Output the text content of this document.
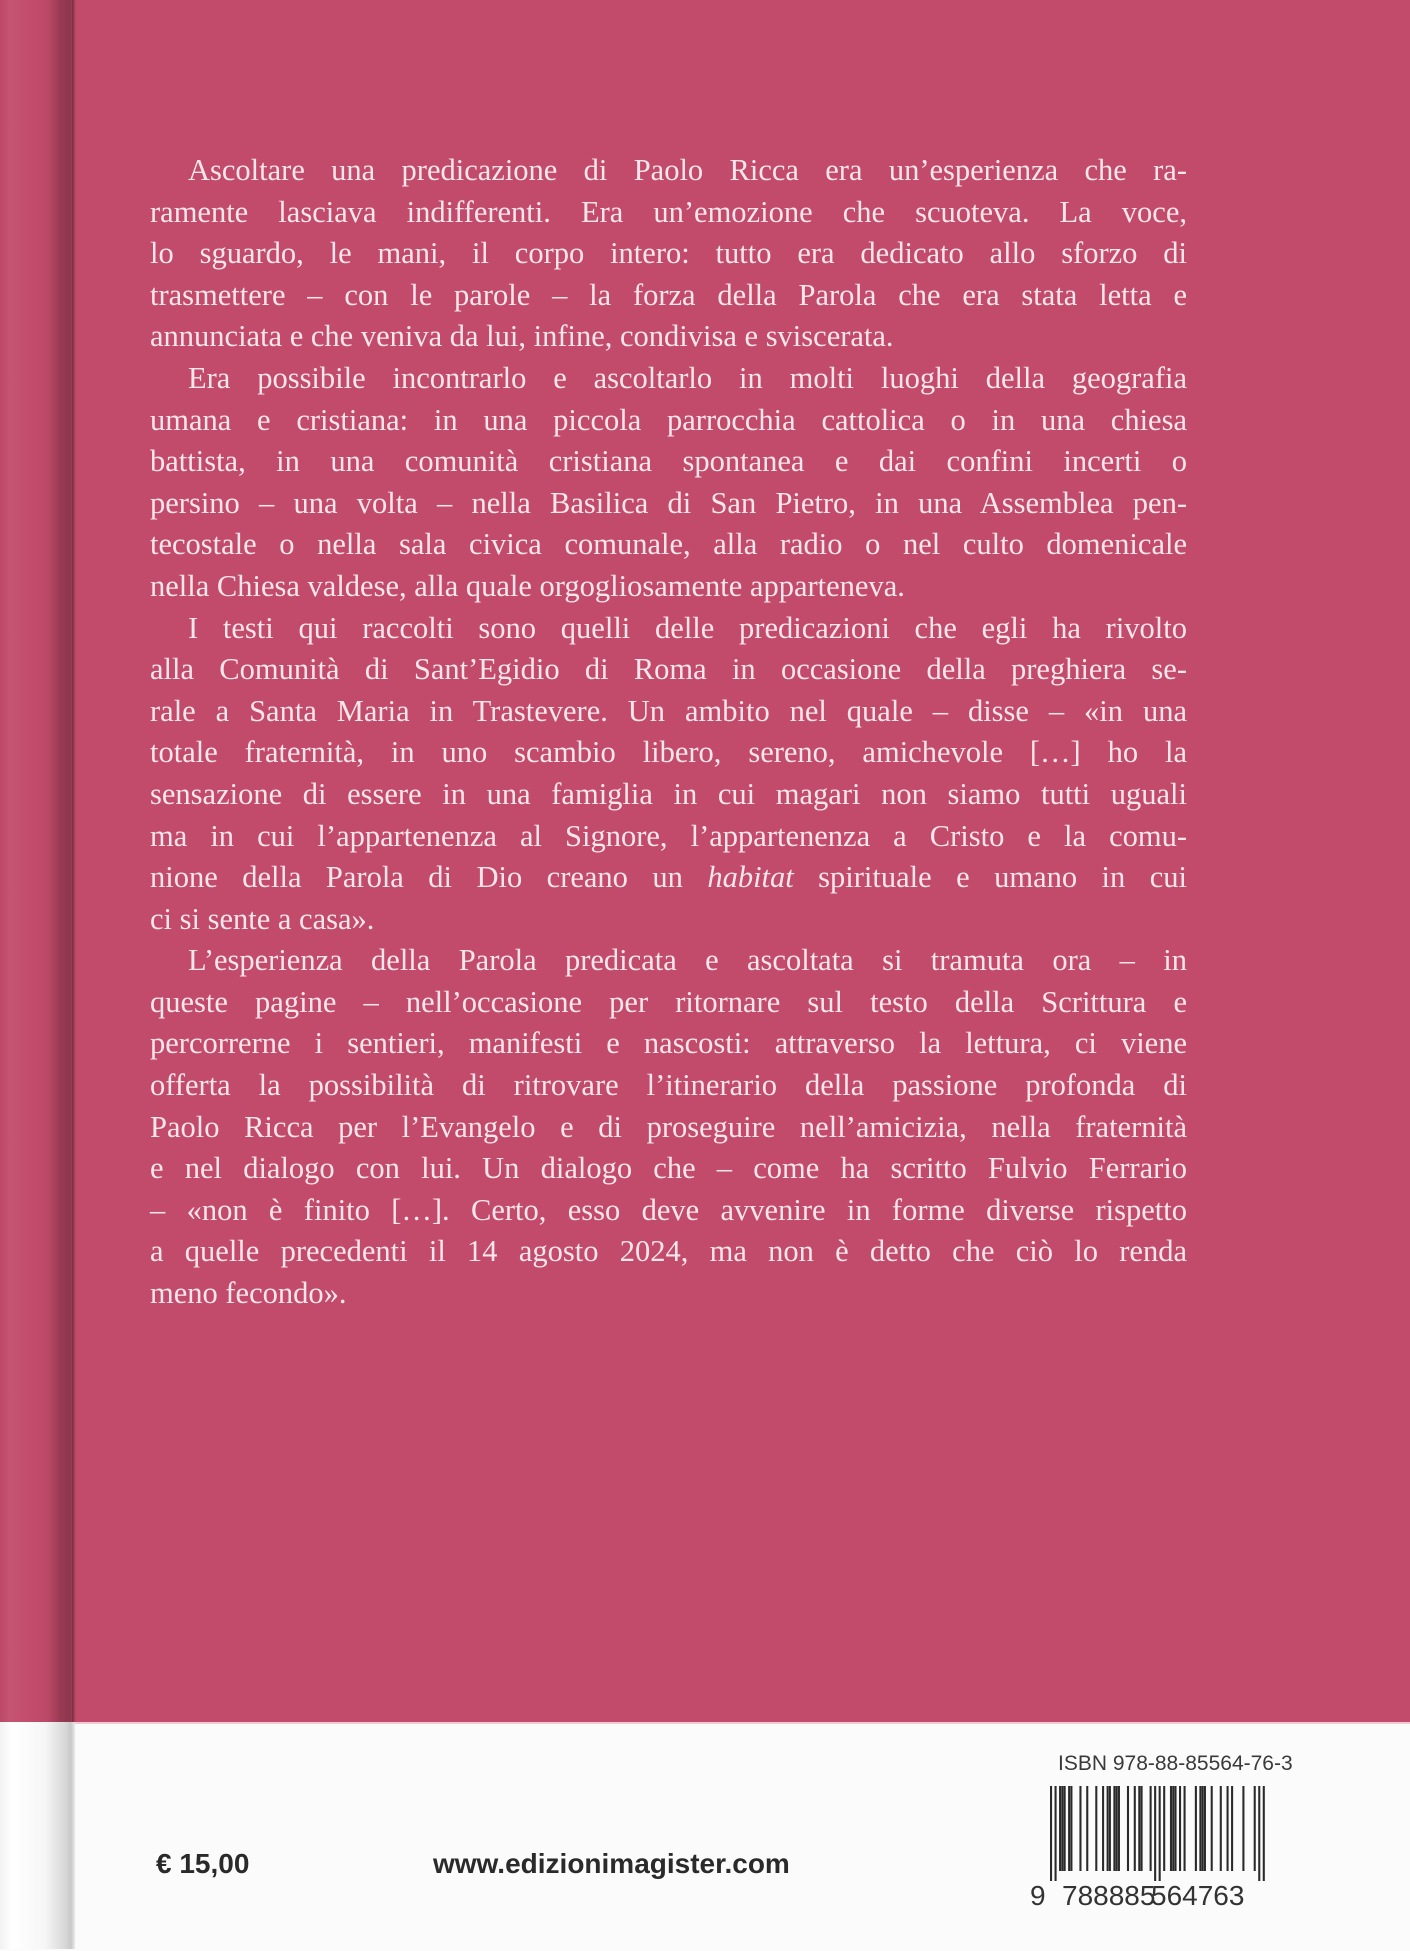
Ascoltare una predicazione di Paolo Ricca era un’esperienza che ra-
ramente lasciava indifferenti. Era un’emozione che scuoteva. La voce,
lo sguardo, le mani, il corpo intero: tutto era dedicato allo sforzo di
trasmettere – con le parole – la forza della Parola che era stata letta e
annunciata e che veniva da lui, infine, condivisa e sviscerata.
Era possibile incontrarlo e ascoltarlo in molti luoghi della geografia
umana e cristiana: in una piccola parrocchia cattolica o in una chiesa
battista, in una comunità cristiana spontanea e dai confini incerti o
persino – una volta – nella Basilica di San Pietro, in una Assemblea pen-
tecostale o nella sala civica comunale, alla radio o nel culto domenicale
nella Chiesa valdese, alla quale orgogliosamente apparteneva.
I testi qui raccolti sono quelli delle predicazioni che egli ha rivolto
alla Comunità di Sant’Egidio di Roma in occasione della preghiera se-
rale a Santa Maria in Trastevere. Un ambito nel quale – disse – «in una
totale fraternità, in uno scambio libero, sereno, amichevole […] ho la
sensazione di essere in una famiglia in cui magari non siamo tutti uguali
ma in cui l’appartenenza al Signore, l’appartenenza a Cristo e la comu-
nione della Parola di Dio creano un habitat spirituale e umano in cui
ci si sente a casa».
L’esperienza della Parola predicata e ascoltata si tramuta ora – in
queste pagine – nell’occasione per ritornare sul testo della Scrittura e
percorrerne i sentieri, manifesti e nascosti: attraverso la lettura, ci viene
offerta la possibilità di ritrovare l’itinerario della passione profonda di
Paolo Ricca per l’Evangelo e di proseguire nell’amicizia, nella fraternità
e nel dialogo con lui. Un dialogo che – come ha scritto Fulvio Ferrario
– «non è finito […]. Certo, esso deve avvenire in forme diverse rispetto
a quelle precedenti il 14 agosto 2024, ma non è detto che ciò lo renda
meno fecondo».
€ 15,00	www.edizionimagister.com
ISBN 978-88-85564-76-3
9 788885
564763
